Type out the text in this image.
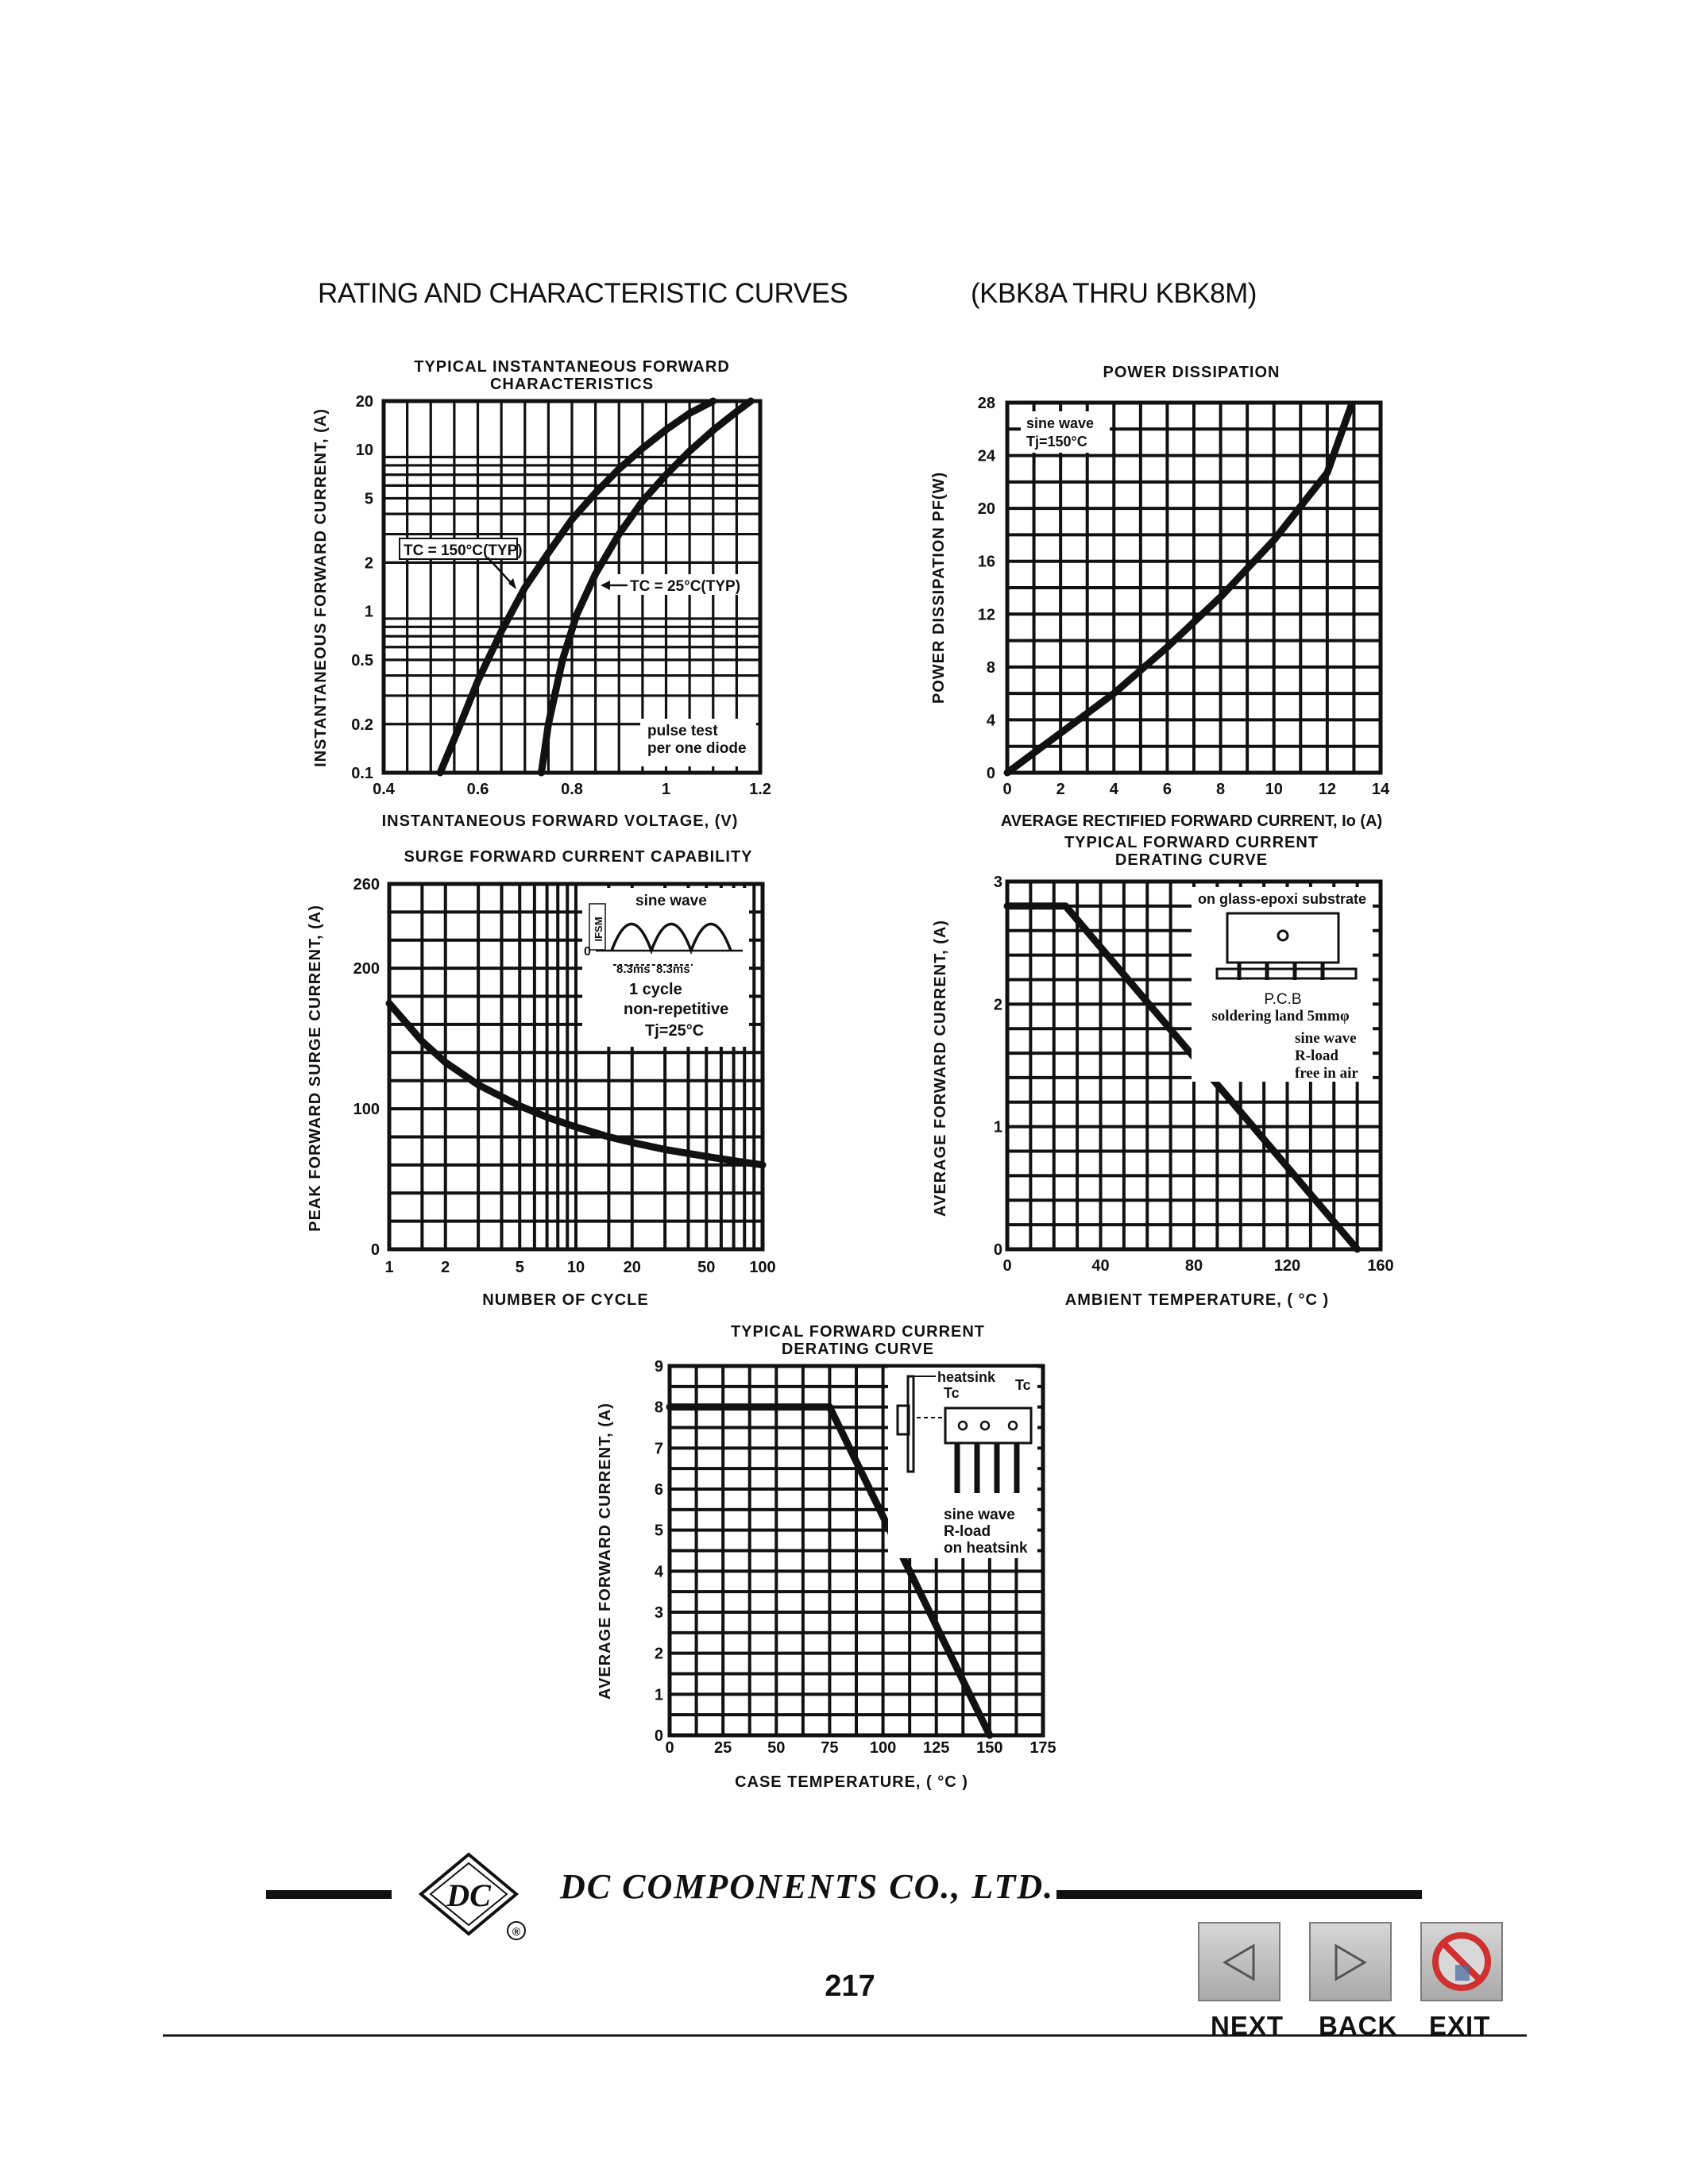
RATING AND CHARACTERISTIC CURVES	(KBK8A THRU KBK8M)
TC = 150°C(TYP)
TC = 25°C(TYP)
pulse test
per one diode
0.4	0.6	0.8	1	1.2
20
10
5
2
1
0.5
0.2
0.1
TYPICAL INSTANTANEOUS FORWARD
CHARACTERISTICS
INSTANTANEOUS FORWARD VOLTAGE, (V)
INSTANTANEOUS FORWARD CURRENT, (A)	sine wave
Tj=150°C
0	2	4	6	8	10 12 14
0
4
8
12
16
20
24
28
POWER DISSIPATION
AVERAGE RECTIFIED FORWARD CURRENT, Io (A)
POWER DISSIPATION PF(W)
IFSM
0
sine wave
8.3ms 8.3ms
1 cycle
non-repetitive
Tj=25°C
1	2	5	10 20	50 100
0
100
200
260
SURGE FORWARD CURRENT CAPABILITY
NUMBER OF CYCLE
PEAK FORWARD SURGE CURRENT, (A)
on glass-epoxi substrate
P.C.B
soldering land 5mmφ
sine wave
R-load
free in air
0	40	80	120	160
0
1
2
3
TYPICAL FORWARD CURRENT
DERATING CURVE
AMBIENT TEMPERATURE, ( °C )
AVERAGE FORWARD CURRENT, (A)
heatsink
Tc	Tc
sine wave
R-load
on heatsink
0	25 50 75 100 125 150 175
0
1
2
3
4
5
6
7
8
9
TYPICAL FORWARD CURRENT
DERATING CURVE
CASE TEMPERATURE, ( °C )
AVERAGE FORWARD CURRENT, (A)
DC
®
DC COMPONENTS CO., LTD.
217
NEXT BACK EXIT
